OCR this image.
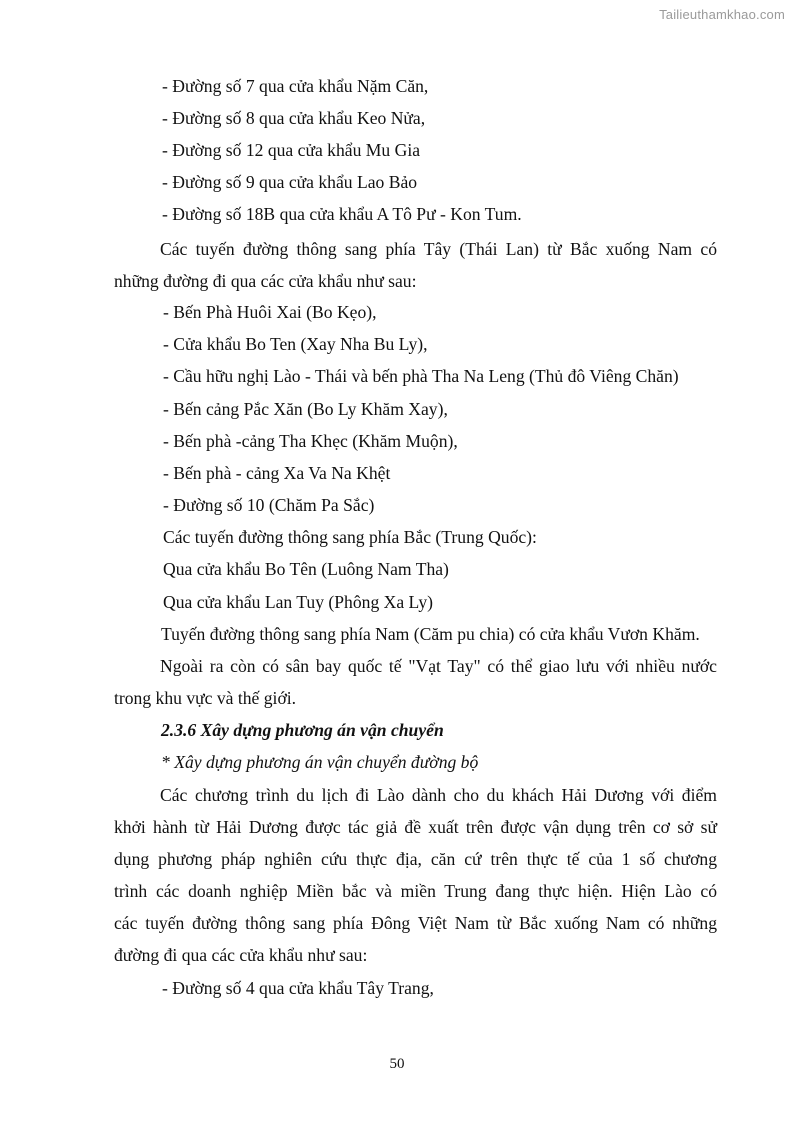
Tailieuthamkhao.com
- Đường số 7 qua cửa khẩu Nặm Căn,
- Đường số 8 qua cửa khẩu Keo Nửa,
- Đường số 12 qua cửa khẩu Mu Gia
- Đường số 9 qua cửa khẩu Lao Bảo
- Đường số 18B qua cửa khẩu A Tô Pư - Kon Tum.
Các tuyến đường thông sang phía Tây (Thái Lan) từ Bắc xuống Nam có
những đường đi qua các cửa khẩu như sau:
- Bến Phà Huôi Xai (Bo Kẹo),
- Cửa khẩu Bo Ten (Xay Nha Bu Ly),
- Cầu hữu nghị Lào - Thái và bến phà Tha Na Leng (Thủ đô Viêng Chăn)
- Bến cảng Pắc Xăn (Bo Ly Khăm Xay),
- Bến phà -cảng Tha Khẹc (Khăm Muộn),
- Bến phà - cảng Xa Va Na Khệt
- Đường số 10 (Chăm Pa Sắc)
Các tuyến đường thông sang phía Bắc (Trung Quốc):
Qua cửa khẩu Bo Tên (Luông Nam Tha)
Qua cửa khẩu Lan Tuy (Phông Xa Ly)
Tuyến đường thông sang phía Nam (Căm pu chia) có cửa khẩu Vươn Khăm.
Ngoài ra còn có sân bay quốc tế "Vạt Tay" có thể giao lưu với nhiều nước
trong khu vực và thế giới.
2.3.6 Xây dựng phương án vận chuyển
* Xây dựng phương án vận chuyển đường bộ
Các chương trình du lịch đi Lào dành cho du khách Hải Dương với điểm
khởi hành từ Hải Dương được tác giả đề xuất trên được vận dụng trên cơ sở sử
dụng phương pháp nghiên cứu thực địa, căn cứ trên thực tế của 1 số chương
trình các doanh nghiệp Miền bắc và miền Trung đang thực hiện. Hiện Lào có
các tuyến đường thông sang phía Đông Việt Nam từ Bắc xuống Nam có những
đường đi qua các cửa khẩu như sau:
- Đường số 4 qua cửa khẩu Tây Trang,
50
